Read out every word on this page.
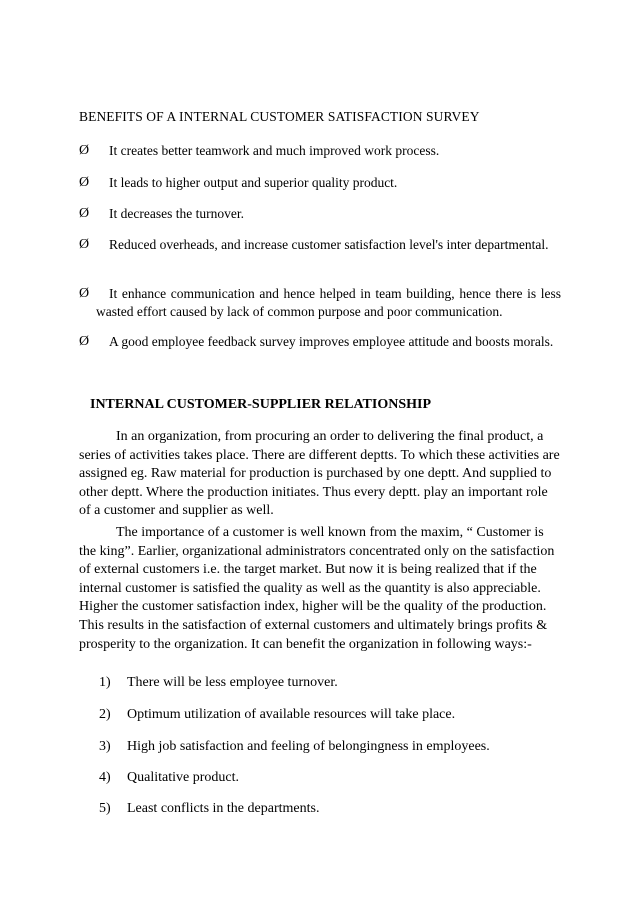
BENEFITS OF A INTERNAL CUSTOMER SATISFACTION SURVEY
Ø	It creates better teamwork and much improved work process.
Ø	It leads to higher output and superior quality product.
Ø	It decreases the turnover.
Ø	Reduced overheads, and increase customer satisfaction level's inter departmental.
Ø	It enhance communication and hence helped in team building, hence there is less wasted effort caused by lack of common purpose and poor communication.
Ø	A good employee feedback survey improves employee attitude and boosts morals.
INTERNAL CUSTOMER-SUPPLIER RELATIONSHIP
In an organization, from procuring an order to delivering the final product, a series of activities takes place. There are different deptts. To which these activities are assigned eg. Raw material for production is purchased by one deptt. And supplied to other deptt. Where the production initiates. Thus every deptt. play an important role of a customer and supplier as well.
The importance of a customer is well known from the maxim, “ Customer is the king”. Earlier, organizational administrators concentrated only on the satisfaction of external customers i.e. the target market. But now it is being realized that if the internal customer is satisfied the quality as well as the quantity is also appreciable. Higher the customer satisfaction index, higher will be the quality of the production. This results in the satisfaction of external customers and ultimately brings profits & prosperity to the organization. It can benefit the organization in following ways:-
1) There will be less employee turnover.
2) Optimum utilization of available resources will take place.
3) High job satisfaction and feeling of belongingness in employees.
4) Qualitative product.
5) Least conflicts in the departments.
